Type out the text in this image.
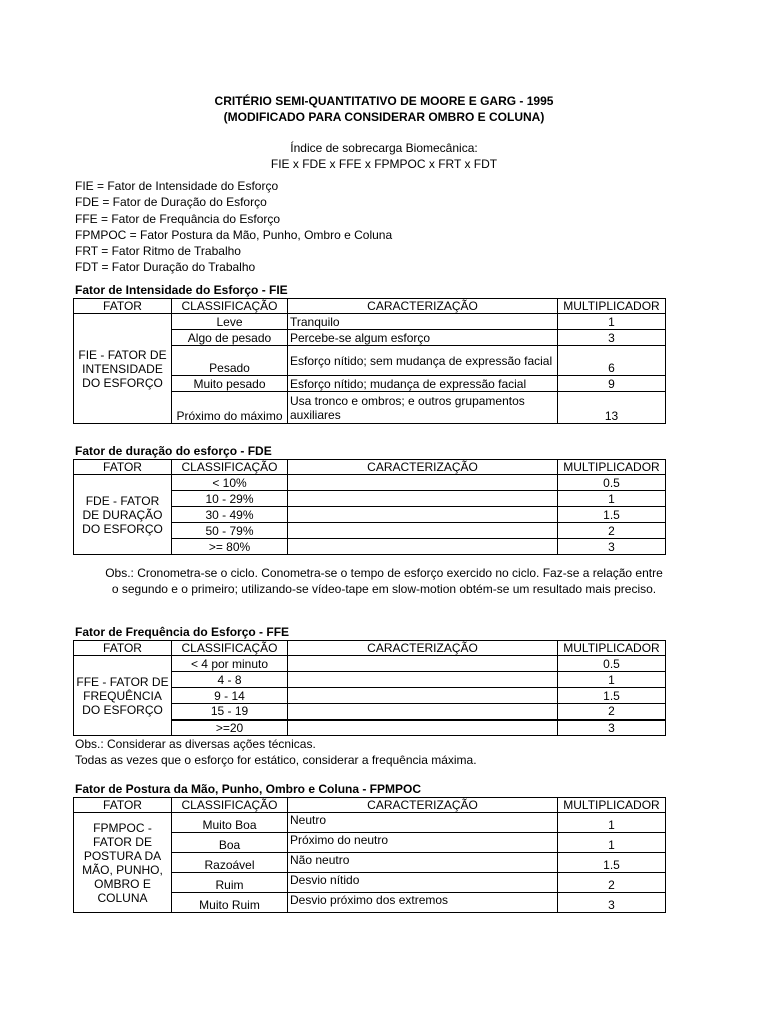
CRITÉRIO SEMI-QUANTITATIVO DE MOORE E GARG - 1995
(MODIFICADO PARA CONSIDERAR OMBRO E COLUNA)
Índice de sobrecarga Biomecânica:
FIE x FDE x FFE x FPMPOC x FRT x FDT
FIE = Fator de Intensidade do Esforço
FDE = Fator de Duração do Esforço
FFE = Fator de Frequância do Esforço
FPMPOC = Fator Postura da Mão, Punho, Ombro e Coluna
FRT = Fator Ritmo de Trabalho
FDT = Fator Duração do Trabalho
Fator de Intensidade do Esforço - FIE
FATOR	CLASSIFICAÇÃO	CARACTERIZAÇÃO	MULTIPLICADOR
FIE - FATOR DE INTENSIDADE DO ESFORÇO	Leve	Tranquilo	1
	Algo de pesado	Percebe-se algum esforço	3
	Pesado	Esforço nítido; sem mudança de expressão facial	6
	Muito pesado	Esforço nítido; mudança de expressão facial	9
	Próximo do máximo	Usa tronco e ombros; e outros grupamentos auxiliares	13
Fator de duração do esforço - FDE
FATOR	CLASSIFICAÇÃO	CARACTERIZAÇÃO	MULTIPLICADOR
FDE - FATOR DE DURAÇÃO DO ESFORÇO	< 10%		0.5
	10 - 29%		1
	30 - 49%		1.5
	50 - 79%		2
	>= 80%		3
Obs.: Cronometra-se o ciclo. Conometra-se o tempo de esforço exercido no ciclo. Faz-se a relação entre
o segundo e o primeiro; utilizando-se vídeo-tape em slow-motion obtém-se um resultado mais preciso.
Fator de Frequência do Esforço - FFE
FATOR	CLASSIFICAÇÃO	CARACTERIZAÇÃO	MULTIPLICADOR
FFE - FATOR DE FREQUÊNCIA DO ESFORÇO	< 4 por minuto		0.5
	4 - 8		1
	9 - 14		1.5
	15 - 19		2
	>=20		3
Obs.: Considerar as diversas ações técnicas.
Todas as vezes que o esforço for estático, considerar a frequência máxima.
Fator de Postura da Mão, Punho, Ombro e Coluna - FPMPOC
FATOR	CLASSIFICAÇÃO	CARACTERIZAÇÃO	MULTIPLICADOR
FPMPOC - FATOR DE POSTURA DA MÃO, PUNHO, OMBRO E COLUNA	Muito Boa	Neutro	1
	Boa	Próximo do neutro	1
	Razoável	Não neutro	1.5
	Ruim	Desvio nítido	2
	Muito Ruim	Desvio próximo dos extremos	3
